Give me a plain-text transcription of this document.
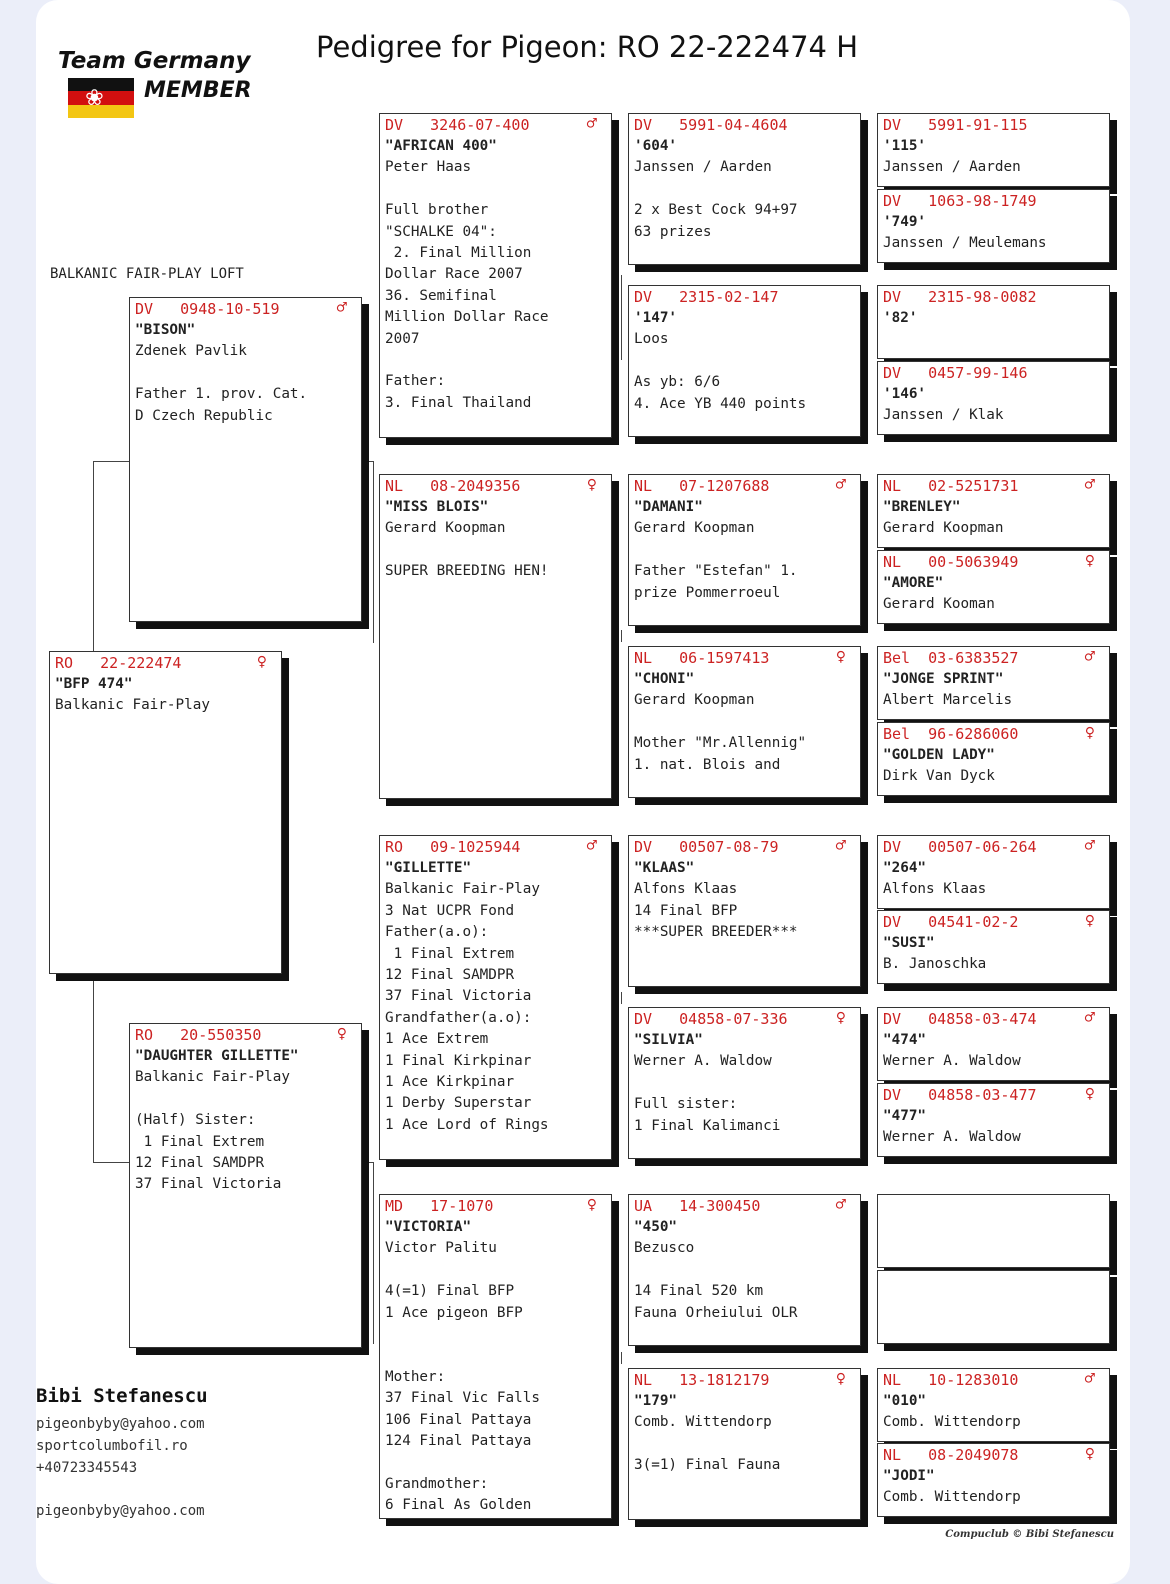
Team Germany
❀ MEMBER
Pedigree for Pigeon: RO 22-222474 H
BALKANIC FAIR-PLAY LOFT
RO   22-222474	♀
"BFP 474"
Balkanic Fair-Play
DV   0948-10-519	♂
"BISON"
Zdenek Pavlik
Father 1. prov. Cat.
D Czech Republic
RO   20-550350	♀
"DAUGHTER GILLETTE"
Balkanic Fair-Play
(Half) Sister:
1 Final Extrem
12 Final SAMDPR
37 Final Victoria
DV   3246-07-400	♂
"AFRICAN 400"
Peter Haas
Full brother
"SCHALKE 04":
2. Final Million
Dollar Race 2007
36. Semifinal
Million Dollar Race
2007
Father:
3. Final Thailand
NL   08-2049356	♀
"MISS BLOIS"
Gerard Koopman
SUPER BREEDING HEN!
RO   09-1025944	♂
"GILLETTE"
Balkanic Fair-Play
3 Nat UCPR Fond
Father(a.o):
1 Final Extrem
12 Final SAMDPR
37 Final Victoria
Grandfather(a.o):
1 Ace Extrem
1 Final Kirkpinar
1 Ace Kirkpinar
1 Derby Superstar
1 Ace Lord of Rings
MD   17-1070	♀
"VICTORIA"
Victor Palitu
4(=1) Final BFP
1 Ace pigeon BFP
Mother:
37 Final Vic Falls
106 Final Pattaya
124 Final Pattaya
Grandmother:
6 Final As Golden
DV   5991-04-4604
'604'
Janssen / Aarden
2 x Best Cock 94+97
63 prizes
DV   2315-02-147
'147'
Loos
As yb: 6/6
4. Ace YB 440 points
NL   07-1207688	♂
"DAMANI"
Gerard Koopman
Father "Estefan" 1.
prize Pommerroeul
NL   06-1597413	♀
"CHONI"
Gerard Koopman
Mother "Mr.Allennig"
1. nat. Blois and
DV   00507-08-79	♂
"KLAAS"
Alfons Klaas
14 Final BFP
***SUPER BREEDER***
DV   04858-07-336	♀
"SILVIA"
Werner A. Waldow
Full sister:
1 Final Kalimanci
UA   14-300450	♂
"450"
Bezusco
14 Final 520 km
Fauna Orheiului OLR
NL   13-1812179	♀
"179"
Comb. Wittendorp
3(=1) Final Fauna
DV   5991-91-115
'115'
Janssen / Aarden
DV   1063-98-1749
'749'
Janssen / Meulemans
DV   2315-98-0082
'82'
DV   0457-99-146
'146'
Janssen / Klak
NL   02-5251731	♂
"BRENLEY"
Gerard Koopman
NL   00-5063949	♀
"AMORE"
Gerard Kooman
Bel  03-6383527	♂
"JONGE SPRINT"
Albert Marcelis
Bel  96-6286060	♀
"GOLDEN LADY"
Dirk Van Dyck
DV   00507-06-264	♂
"264"
Alfons Klaas
DV   04541-02-2	♀
"SUSI"
B. Janoschka
DV   04858-03-474	♂
"474"
Werner A. Waldow
DV   04858-03-477	♀
"477"
Werner A. Waldow
NL   10-1283010	♂
"010"
Comb. Wittendorp
NL   08-2049078	♀
"JODI"
Comb. Wittendorp
Bibi Stefanescu
pigeonbyby@yahoo.com
sportcolumbofil.ro
+40723345543
pigeonbyby@yahoo.com
Compuclub © Bibi Stefanescu
